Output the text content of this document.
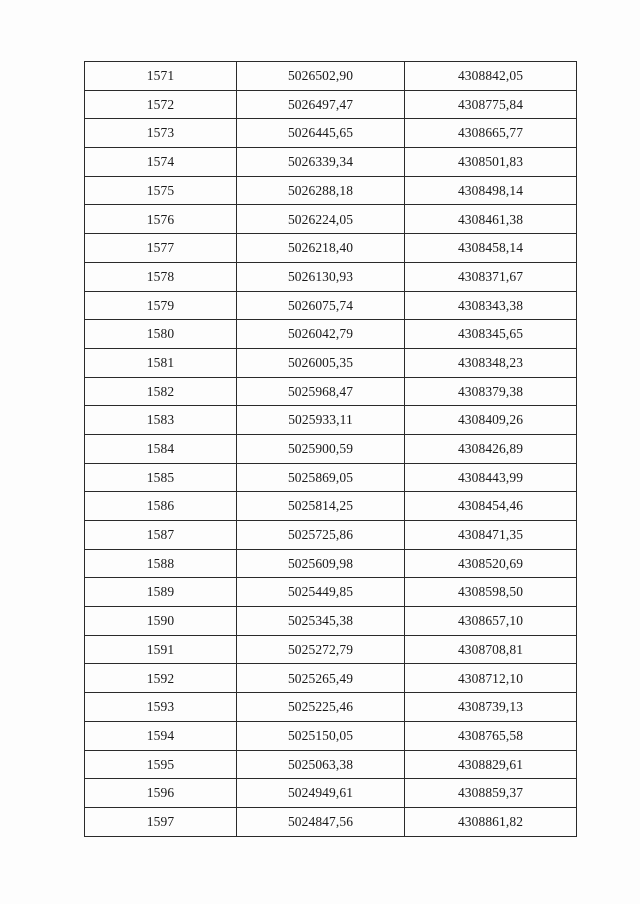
1571	5026502,90	4308842,05
1572	5026497,47	4308775,84
1573	5026445,65	4308665,77
1574	5026339,34	4308501,83
1575	5026288,18	4308498,14
1576	5026224,05	4308461,38
1577	5026218,40	4308458,14
1578	5026130,93	4308371,67
1579	5026075,74	4308343,38
1580	5026042,79	4308345,65
1581	5026005,35	4308348,23
1582	5025968,47	4308379,38
1583	5025933,11	4308409,26
1584	5025900,59	4308426,89
1585	5025869,05	4308443,99
1586	5025814,25	4308454,46
1587	5025725,86	4308471,35
1588	5025609,98	4308520,69
1589	5025449,85	4308598,50
1590	5025345,38	4308657,10
1591	5025272,79	4308708,81
1592	5025265,49	4308712,10
1593	5025225,46	4308739,13
1594	5025150,05	4308765,58
1595	5025063,38	4308829,61
1596	5024949,61	4308859,37
1597	5024847,56	4308861,82
